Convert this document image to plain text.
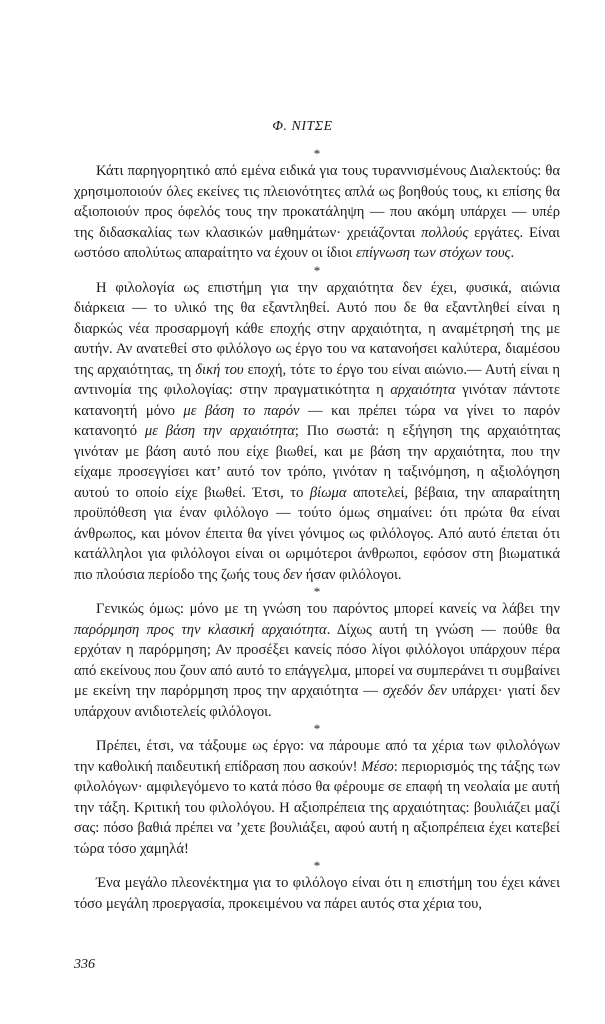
Φ. ΝΙΤΣΕ
*

Κάτι παρηγορητικό από εμένα ειδικά για τους τυραννισμένους Διαλεκτούς: θα χρησιμοποιούν όλες εκείνες τις πλειονότητες απλά ως βοηθούς τους, κι επίσης θα αξιοποιούν προς όφελός τους την προκατάληψη — που ακόμη υπάρχει — υπέρ της διδασκαλίας των κλασικών μαθημάτων· χρειάζονται πολλούς εργάτες. Είναι ωστόσο απολύτως απαραίτητο να έχουν οι ίδιοι επίγνωση των στόχων τους.

*

Η φιλολογία ως επιστήμη για την αρχαιότητα δεν έχει, φυσικά, αιώνια διάρκεια — το υλικό της θα εξαντληθεί. Αυτό που δε θα εξαντληθεί είναι η διαρκώς νέα προσαρμογή κάθε εποχής στην αρχαιότητα, η αναμέτρησή της με αυτήν. Αν ανατεθεί στο φιλόλογο ως έργο του να κατανοήσει καλύτερα, διαμέσου της αρχαιότητας, τη δική του εποχή, τότε το έργο του είναι αιώνιο.— Αυτή είναι η αντινομία της φιλολογίας: στην πραγματικότητα η αρχαιότητα γινόταν πάντοτε κατανοητή μόνο με βάση το παρόν — και πρέπει τώρα να γίνει το παρόν κατανοητό με βάση την αρχαιότητα; Πιο σωστά: η εξήγηση της αρχαιότητας γινόταν με βάση αυτό που είχε βιωθεί, και με βάση την αρχαιότητα, που την είχαμε προσεγγίσει κατ’ αυτό τον τρόπο, γινόταν η ταξινόμηση, η αξιολόγηση αυτού το οποίο είχε βιωθεί. Έτσι, το βίωμα αποτελεί, βέβαια, την απαραίτητη προϋπόθεση για έναν φιλόλογο — τούτο όμως σημαίνει: ότι πρώτα θα είναι άνθρωπος, και μόνον έπειτα θα γίνει γόνιμος ως φιλόλογος. Από αυτό έπεται ότι κατάλληλοι για φιλόλογοι είναι οι ωριμότεροι άνθρωποι, εφόσον στη βιωματικά πιο πλούσια περίοδο της ζωής τους δεν ήσαν φιλόλογοι.

*

Γενικώς όμως: μόνο με τη γνώση του παρόντος μπορεί κανείς να λάβει την παρόρμηση προς την κλασική αρχαιότητα. Δίχως αυτή τη γνώση — πούθε θα ερχόταν η παρόρμηση; Αν προσέξει κανείς πόσο λίγοι φιλόλογοι υπάρχουν πέρα από εκείνους που ζουν από αυτό το επάγγελμα, μπορεί να συμπεράνει τι συμβαίνει με εκείνη την παρόρμηση προς την αρχαιότητα — σχεδόν δεν υπάρχει· γιατί δεν υπάρχουν ανιδιοτελείς φιλόλογοι.

*

Πρέπει, έτσι, να τάξουμε ως έργο: να πάρουμε από τα χέρια των φιλολόγων την καθολική παιδευτική επίδραση που ασκούν! Μέσο: περιορισμός της τάξης των φιλολόγων· αμφιλεγόμενο το κατά πόσο θα φέρουμε σε επαφή τη νεολαία με αυτή την τάξη. Κριτική του φιλολόγου. Η αξιοπρέπεια της αρχαιότητας: βουλιάζει μαζί σας: πόσο βαθιά πρέπει να ’χετε βουλιάξει, αφού αυτή η αξιοπρέπεια έχει κατεβεί τώρα τόσο χαμηλά!

*

Ένα μεγάλο πλεονέκτημα για το φιλόλογο είναι ότι η επιστήμη του έχει κάνει τόσο μεγάλη προεργασία, προκειμένου να πάρει αυτός στα χέρια του,

336
